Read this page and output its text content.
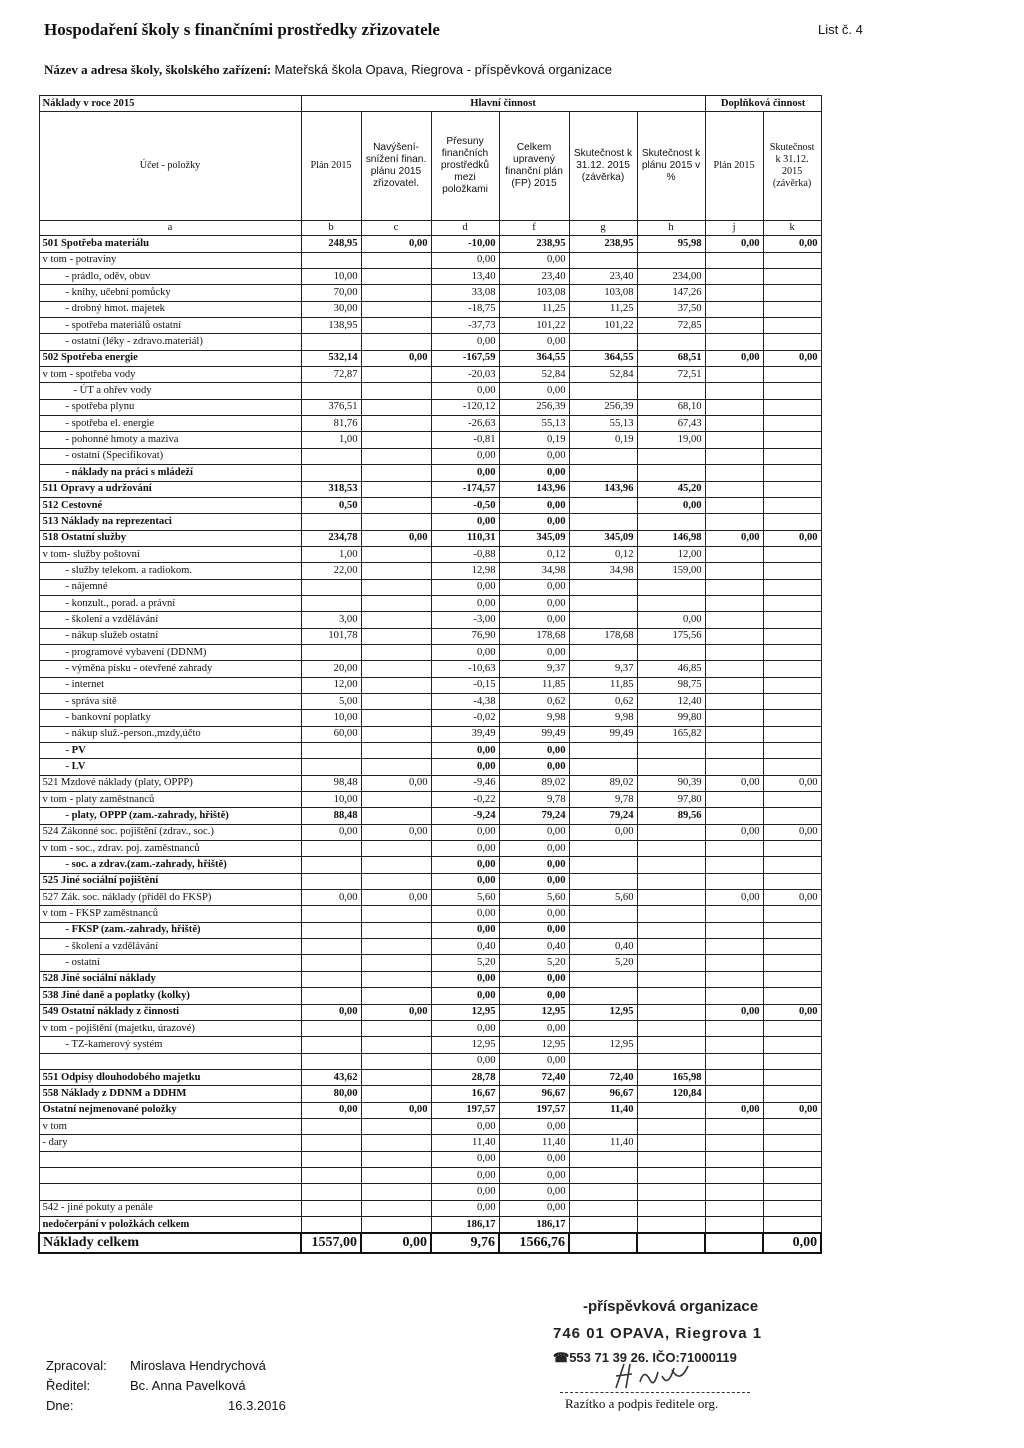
Hospodaření školy s finančními prostředky zřizovatele	List č. 4
Název a adresa školy, školského zařízení: Mateřská škola Opava, Riegrova - příspěvková organizace
Náklady v roce 2015	Hlavní činnost						Doplňková činnost	
Účet - položky	Plán 2015	Navýšení-snížení finan. plánu 2015 zřizovatel.	Přesuny finančních prostředků mezi položkami	Celkem upravený finanční plán (FP) 2015	Skutečnost k 31.12. 2015 (závěrka)	Skutečnost k plánu 2015 v %	Plán 2015	Skutečnost k 31.12. 2015 (závěrka)
a	b	c	d	f	g	h	j	k
501 Spotřeba materiálu	248,95	0,00	-10,00	238,95	238,95	95,98	0,00	0,00
v tom - potraviny			0,00	0,00				
- prádlo, oděv, obuv	10,00		13,40	23,40	23,40	234,00		
- knihy, učební pomůcky	70,00		33,08	103,08	103,08	147,26		
- drobný hmot. majetek	30,00		-18,75	11,25	11,25	37,50		
- spotřeba materiálů ostatní	138,95		-37,73	101,22	101,22	72,85		
- ostatní (léky - zdravo.materiál)			0,00	0,00				
502 Spotřeba energie	532,14	0,00	-167,59	364,55	364,55	68,51	0,00	0,00
v tom - spotřeba vody	72,87		-20,03	52,84	52,84	72,51		
- ÚT a ohřev vody			0,00	0,00				
- spotřeba plynu	376,51		-120,12	256,39	256,39	68,10		
- spotřeba el. energie	81,76		-26,63	55,13	55,13	67,43		
- pohonné hmoty a maziva	1,00		-0,81	0,19	0,19	19,00		
- ostatní (Specifikovat)			0,00	0,00				
- náklady na práci s mládeží			0,00	0,00				
511 Opravy a udržování	318,53		-174,57	143,96	143,96	45,20		
512 Cestovné	0,50		-0,50	0,00		0,00		
513 Náklady na reprezentaci			0,00	0,00				
518 Ostatní služby	234,78	0,00	110,31	345,09	345,09	146,98	0,00	0,00
v tom- služby poštovní	1,00		-0,88	0,12	0,12	12,00		
- služby telekom. a radiokom.	22,00		12,98	34,98	34,98	159,00		
- nájemné			0,00	0,00				
- konzult., porad. a právní			0,00	0,00				
- školení a vzdělávání	3,00		-3,00	0,00		0,00		
- nákup služeb ostatní	101,78		76,90	178,68	178,68	175,56		
- programové vybavení (DDNM)			0,00	0,00				
- výměna písku - otevřené zahrady	20,00		-10,63	9,37	9,37	46,85		
- internet	12,00		-0,15	11,85	11,85	98,75		
- správa sítě	5,00		-4,38	0,62	0,62	12,40		
- bankovní poplatky	10,00		-0,02	9,98	9,98	99,80		
- nákup služ.-person.,mzdy,účto	60,00		39,49	99,49	99,49	165,82		
- PV			0,00	0,00				
- LV			0,00	0,00				
521 Mzdové náklady (platy, OPPP)	98,48	0,00	-9,46	89,02	89,02	90,39	0,00	0,00
v tom - platy zaměstnanců	10,00		-0,22	9,78	9,78	97,80		
- platy, OPPP (zam.-zahrady, hřiště)	88,48		-9,24	79,24	79,24	89,56		
524 Zákonné soc. pojištění (zdrav., soc.)	0,00	0,00	0,00	0,00	0,00		0,00	0,00
v tom - soc., zdrav. poj. zaměstnanců			0,00	0,00				
- soc. a zdrav.(zam.-zahrady, hřiště)			0,00	0,00				
525 Jiné sociální pojištění			0,00	0,00				
527 Zák. soc. náklady (příděl do FKSP)	0,00	0,00	5,60	5,60	5,60		0,00	0,00
v tom - FKSP zaměstnanců			0,00	0,00				
- FKSP (zam.-zahrady, hřiště)			0,00	0,00				
- školení a vzdělávání			0,40	0,40	0,40			
- ostatní			5,20	5,20	5,20			
528 Jiné sociální náklady			0,00	0,00				
538 Jiné daně a poplatky (kolky)			0,00	0,00				
549 Ostatní náklady z činnosti	0,00	0,00	12,95	12,95	12,95		0,00	0,00
v tom - pojištění (majetku, úrazové)			0,00	0,00				
- TZ-kamerový systém			12,95	12,95	12,95			
			0,00	0,00				
551 Odpisy dlouhodobého majetku	43,62		28,78	72,40	72,40	165,98		
558 Náklady z DDNM a DDHM	80,00		16,67	96,67	96,67	120,84		
Ostatní nejmenované položky	0,00	0,00	197,57	197,57	11,40		0,00	0,00
v tom			0,00	0,00				
- dary			11,40	11,40	11,40			
			0,00	0,00				
			0,00	0,00				
			0,00	0,00				
542 - jiné pokuty a penále			0,00	0,00				
nedočerpání v položkách celkem			186,17	186,17				
Náklady celkem	1557,00	0,00	9,76	1566,76				0,00
Zpracoval: Miroslava Hendrychová
Ředitel:	Bc. Anna Pavelková
Dne:	16.3.2016
-příspěvková organizace
746 01 OPAVA, Riegrova 1
☎553 71 39 26. IČO:71000119
Razítko a podpis ředitele org.
